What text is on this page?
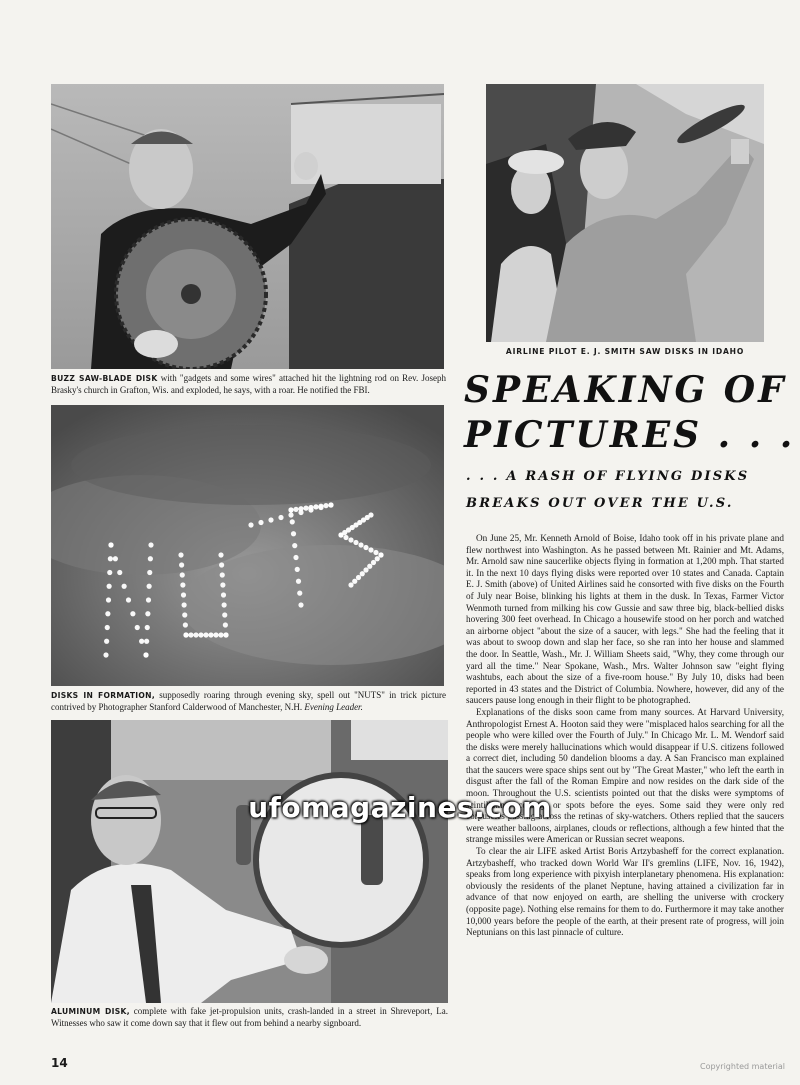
BUZZ SAW-BLADE DISK with "gadgets and some wires" attached hit the lightning rod on Rev. Joseph Brasky's church in Grafton, Wis. and exploded, he says, with a roar. He notified the FBI.
AIRLINE PILOT E. J. SMITH SAW DISKS IN IDAHO
SPEAKING OF
PICTURES . . .
. . . A RASH OF FLYING DISKS
BREAKS OUT OVER THE U.S.
DISKS IN FORMATION, supposedly roaring through evening sky, spell out "NUTS" in trick picture contrived by Photographer Stanford Calderwood of Manchester, N.H. Evening Leader.
ALUMINUM DISK, complete with fake jet-propulsion units, crash-landed in a street in Shreveport, La. Witnesses who saw it come down say that it flew out from behind a nearby signboard.

On June 25, Mr. Kenneth Arnold of Boise, Idaho took off in his private plane and flew northwest into Washington. As he passed between Mt. Rainier and Mt. Adams, Mr. Arnold saw nine saucerlike objects flying in formation at 1,200 mph. That started it. In the next 10 days flying disks were reported over 10 states and Canada. Captain E. J. Smith (above) of United Airlines said he consorted with five disks on the Fourth of July near Boise, blinking his lights at them in the dusk. In Texas, Farmer Victor Wenmoth turned from milking his cow Gussie and saw three big, black-bellied disks hovering 300 feet overhead. In Chicago a housewife stood on her porch and watched an airborne object "about the size of a saucer, with legs." She had the feeling that it was about to swoop down and slap her face, so she ran into her house and slammed the door. In Seattle, Wash., Mr. J. William Sheets said, "Why, they come through our yard all the time." Near Spokane, Wash., Mrs. Walter Johnson saw "eight flying washtubs, each about the size of a five-room house." By July 10, disks had been reported in 43 states and the District of Columbia. Nowhere, however, did any of the saucers pause long enough in their flight to be photographed.

Explanations of the disks soon came from many sources. At Harvard University, Anthropologist Ernest A. Hooton said they were "misplaced halos searching for all the people who were killed over the Fourth of July." In Chicago Mr. L. M. Wendorf said the disks were merely hallucinations which would disappear if U.S. citizens followed a correct diet, including 50 dandelion blooms a day. A San Francisco man explained that the saucers were space ships sent out by "The Great Master," who left the earth in disgust after the fall of the Roman Empire and now resides on the dark side of the moon. Throughout the U.S. scientists pointed out that the disks were symptoms of scintillating scotomy, or spots before the eyes. Some said they were only red corpuscles passing across the retinas of sky-watchers. Others replied that the saucers were weather balloons, airplanes, clouds or reflections, although a few hinted that the strange missiles were American or Russian secret weapons.

To clear the air LIFE asked Artist Boris Artzybasheff for the correct explanation. Artzybasheff, who tracked down World War II's gremlins (LIFE, Nov. 16, 1942), speaks from long experience with pixyish interplanetary phenomena. His explanation: obviously the residents of the planet Neptune, having attained a civilization far in advance of that now enjoyed on earth, are shelling the universe with crockery (opposite page). Nothing else remains for them to do. Furthermore it may take another 10,000 years before the people of the earth, at their present rate of progress, will join Neptunians on this last pinnacle of culture.

ufomagazines.com
14	Copyrighted material
